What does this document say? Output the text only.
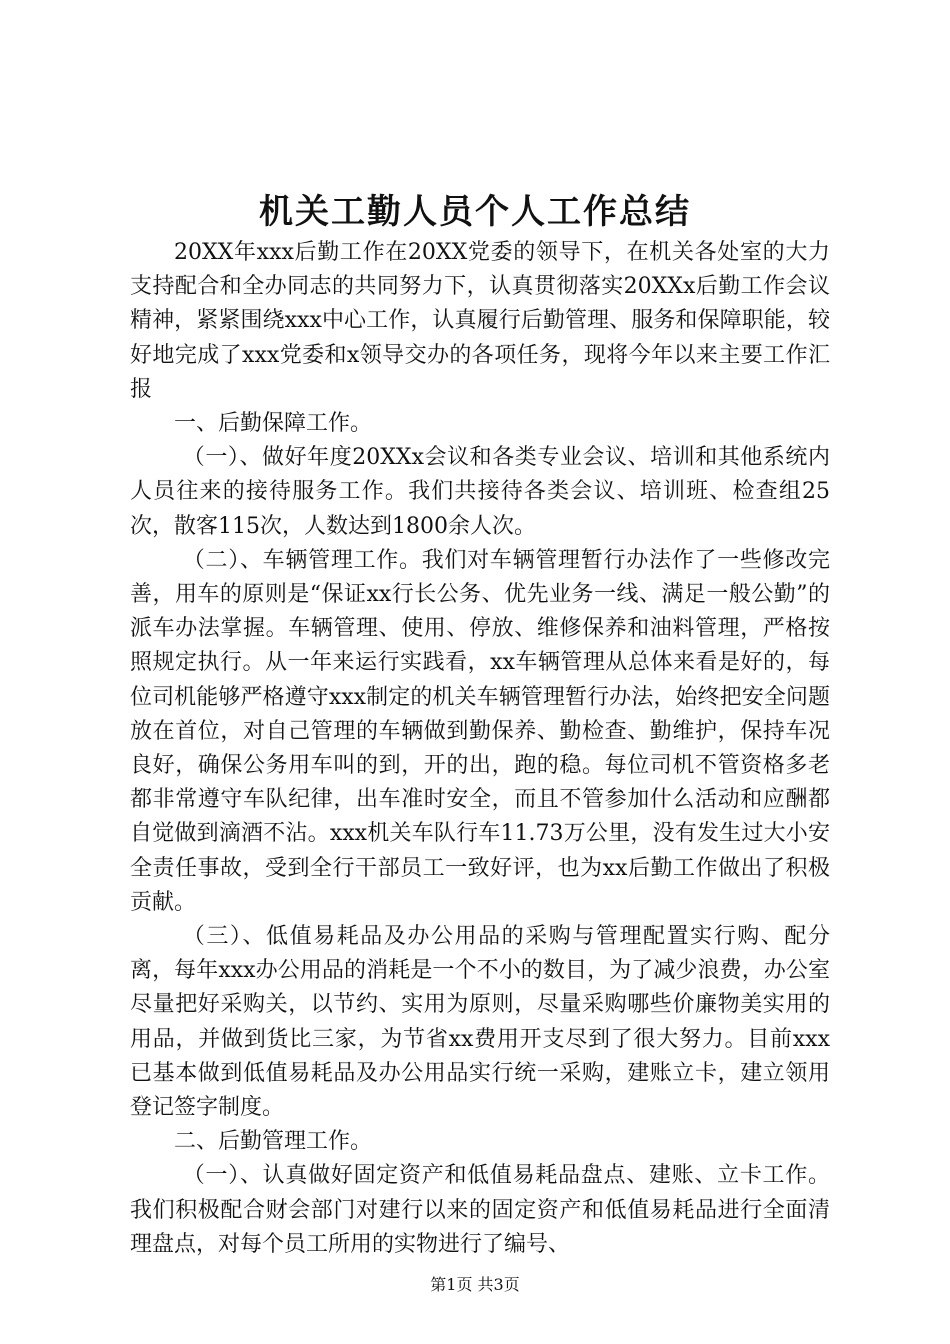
机关工勤人员个人工作总结

20XX年xxx后勤工作在20XX党委的领导下，在机关各处室的大力支持配合和全办同志的共同努力下，认真贯彻落实20XXx后勤工作会议精神，紧紧围绕xxx中心工作，认真履行后勤管理、服务和保障职能，较好地完成了xxx党委和x领导交办的各项任务，现将今年以来主要工作汇报

一、后勤保障工作。

（一）、做好年度20XXx会议和各类专业会议、培训和其他系统内人员往来的接待服务工作。我们共接待各类会议、培训班、检查组25次，散客115次，人数达到1800余人次。

（二）、车辆管理工作。我们对车辆管理暂行办法作了一些修改完善，用车的原则是“保证xx行长公务、优先业务一线、满足一般公勤”的派车办法掌握。车辆管理、使用、停放、维修保养和油料管理，严格按照规定执行。从一年来运行实践看，xx车辆管理从总体来看是好的，每位司机能够严格遵守xxx制定的机关车辆管理暂行办法，始终把安全问题放在首位，对自己管理的车辆做到勤保养、勤检查、勤维护，保持车况良好，确保公务用车叫的到，开的出，跑的稳。每位司机不管资格多老都非常遵守车队纪律，出车准时安全，而且不管参加什么活动和应酬都自觉做到滴酒不沾。xxx机关车队行车11.73万公里，没有发生过大小安全责任事故，受到全行干部员工一致好评，也为xx后勤工作做出了积极贡献。

（三）、低值易耗品及办公用品的采购与管理配置实行购、配分离，每年xxx办公用品的消耗是一个不小的数目，为了减少浪费，办公室尽量把好采购关，以节约、实用为原则，尽量采购哪些价廉物美实用的用品，并做到货比三家，为节省xx费用开支尽到了很大努力。目前xxx已基本做到低值易耗品及办公用品实行统一采购，建账立卡，建立领用登记签字制度。

二、后勤管理工作。

（一）、认真做好固定资产和低值易耗品盘点、建账、立卡工作。我们积极配合财会部门对建行以来的固定资产和低值易耗品进行全面清理盘点，对每个员工所用的实物进行了编号、

第1页 共3页
